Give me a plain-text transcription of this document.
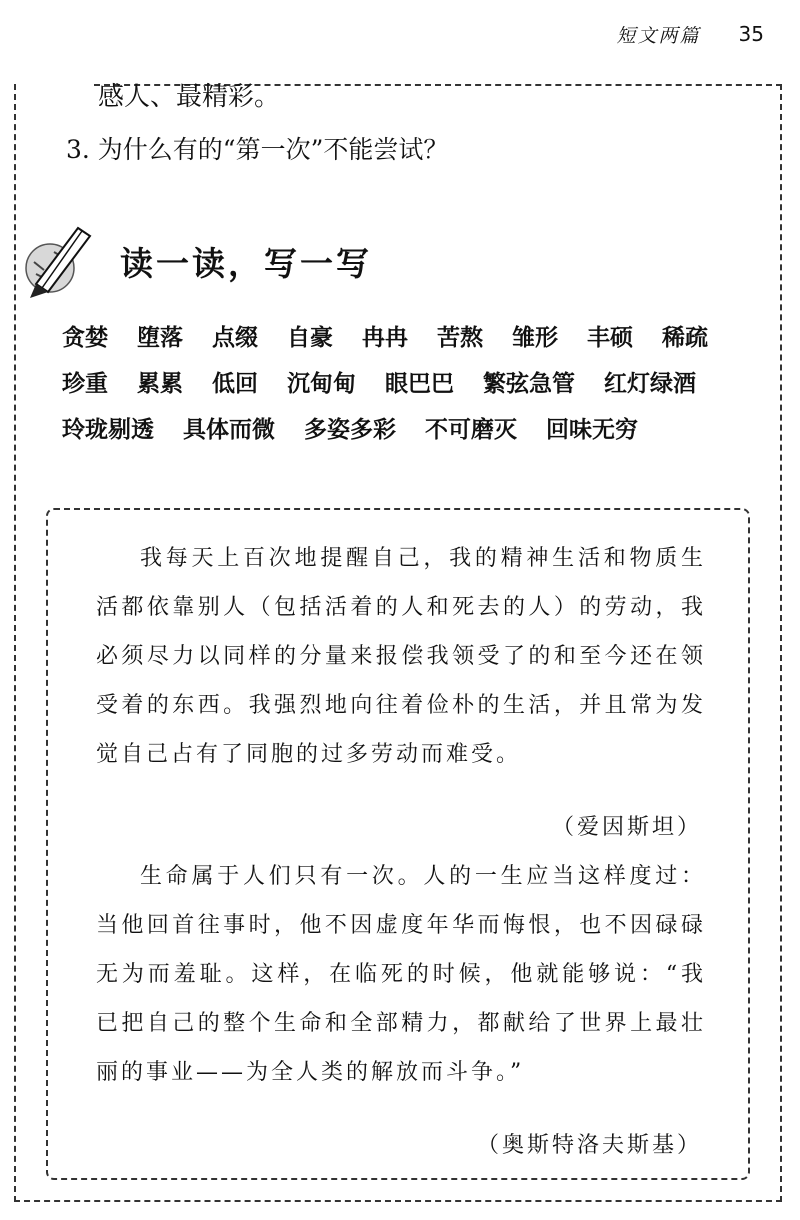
短文两篇 35
感人、最精彩。
3. 为什么有的“第一次”不能尝试？
读一读，写一写
贪婪 堕落 点缀 自豪 冉冉 苦熬 雏形 丰硕 稀疏
珍重 累累 低回 沉甸甸 眼巴巴 繁弦急管 红灯绿酒
玲珑剔透 具体而微 多姿多彩 不可磨灭 回味无穷
我每天上百次地提醒自己，我的精神生活和物质生活都依靠别人（包括活着的人和死去的人）的劳动，我必须尽力以同样的分量来报偿我领受了的和至今还在领受着的东西。我强烈地向往着俭朴的生活，并且常为发觉自己占有了同胞的过多劳动而难受。
（爱因斯坦）
生命属于人们只有一次。人的一生应当这样度过：当他回首往事时，他不因虚度年华而悔恨，也不因碌碌无为而羞耻。这样，在临死的时候，他就能够说：“我已把自己的整个生命和全部精力，都献给了世界上最壮丽的事业——为全人类的解放而斗争。”
（奥斯特洛夫斯基）
